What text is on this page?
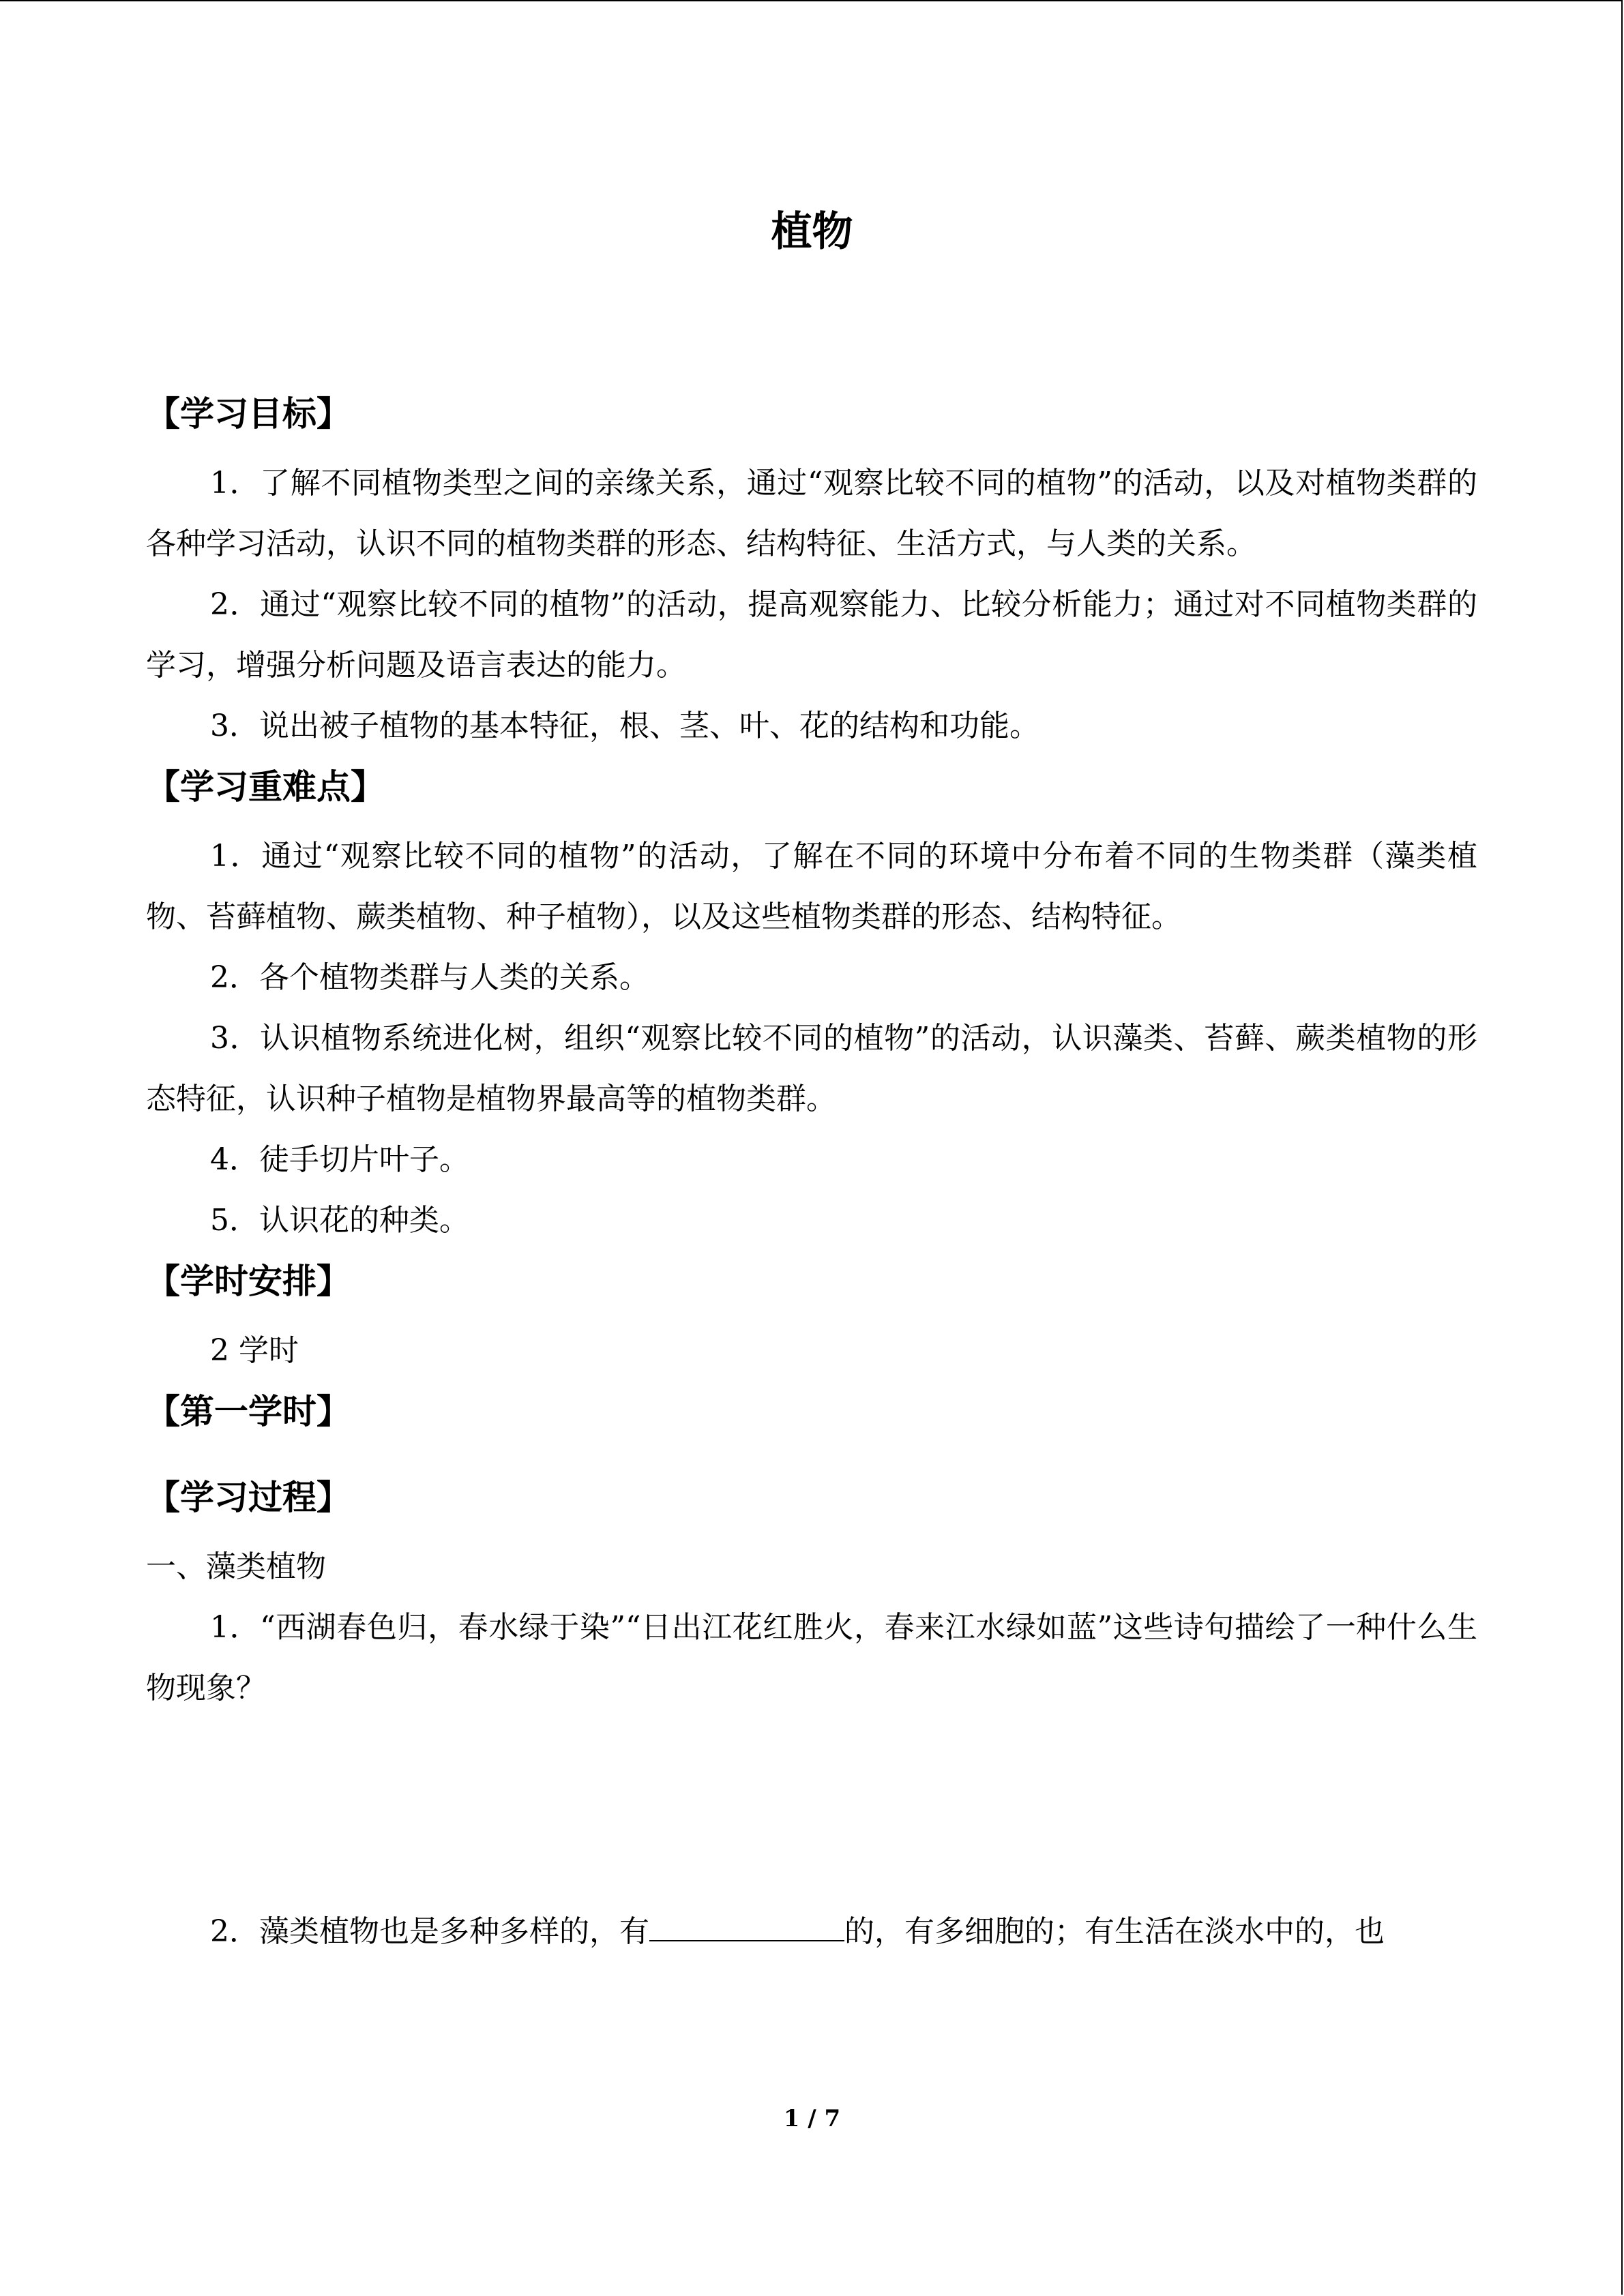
植物
【学习目标】

1．了解不同植物类型之间的亲缘关系，通过“观察比较不同的植物”的活动，以及对植物类群的各种学习活动，认识不同的植物类群的形态、结构特征、生活方式，与人类的关系。

2．通过“观察比较不同的植物”的活动，提高观察能力、比较分析能力；通过对不同植物类群的学习，增强分析问题及语言表达的能力。

3．说出被子植物的基本特征，根、茎、叶、花的结构和功能。

【学习重难点】

1．通过“观察比较不同的植物”的活动，了解在不同的环境中分布着不同的生物类群（藻类植物、苔藓植物、蕨类植物、种子植物），以及这些植物类群的形态、结构特征。

2．各个植物类群与人类的关系。

3．认识植物系统进化树，组织“观察比较不同的植物”的活动，认识藻类、苔藓、蕨类植物的形态特征，认识种子植物是植物界最高等的植物类群。

4．徒手切片叶子。

5．认识花的种类。

【学时安排】

2 学时

【第一学时】
【学习过程】

一、藻类植物

1．“西湖春色归，春水绿于染”“日出江花红胜火，春来江水绿如蓝”这些诗句描绘了一种什么生物现象？

2．藻类植物也是多种多样的，有	的，有多细胞的；有生活在淡水中的，也

1 / 7
